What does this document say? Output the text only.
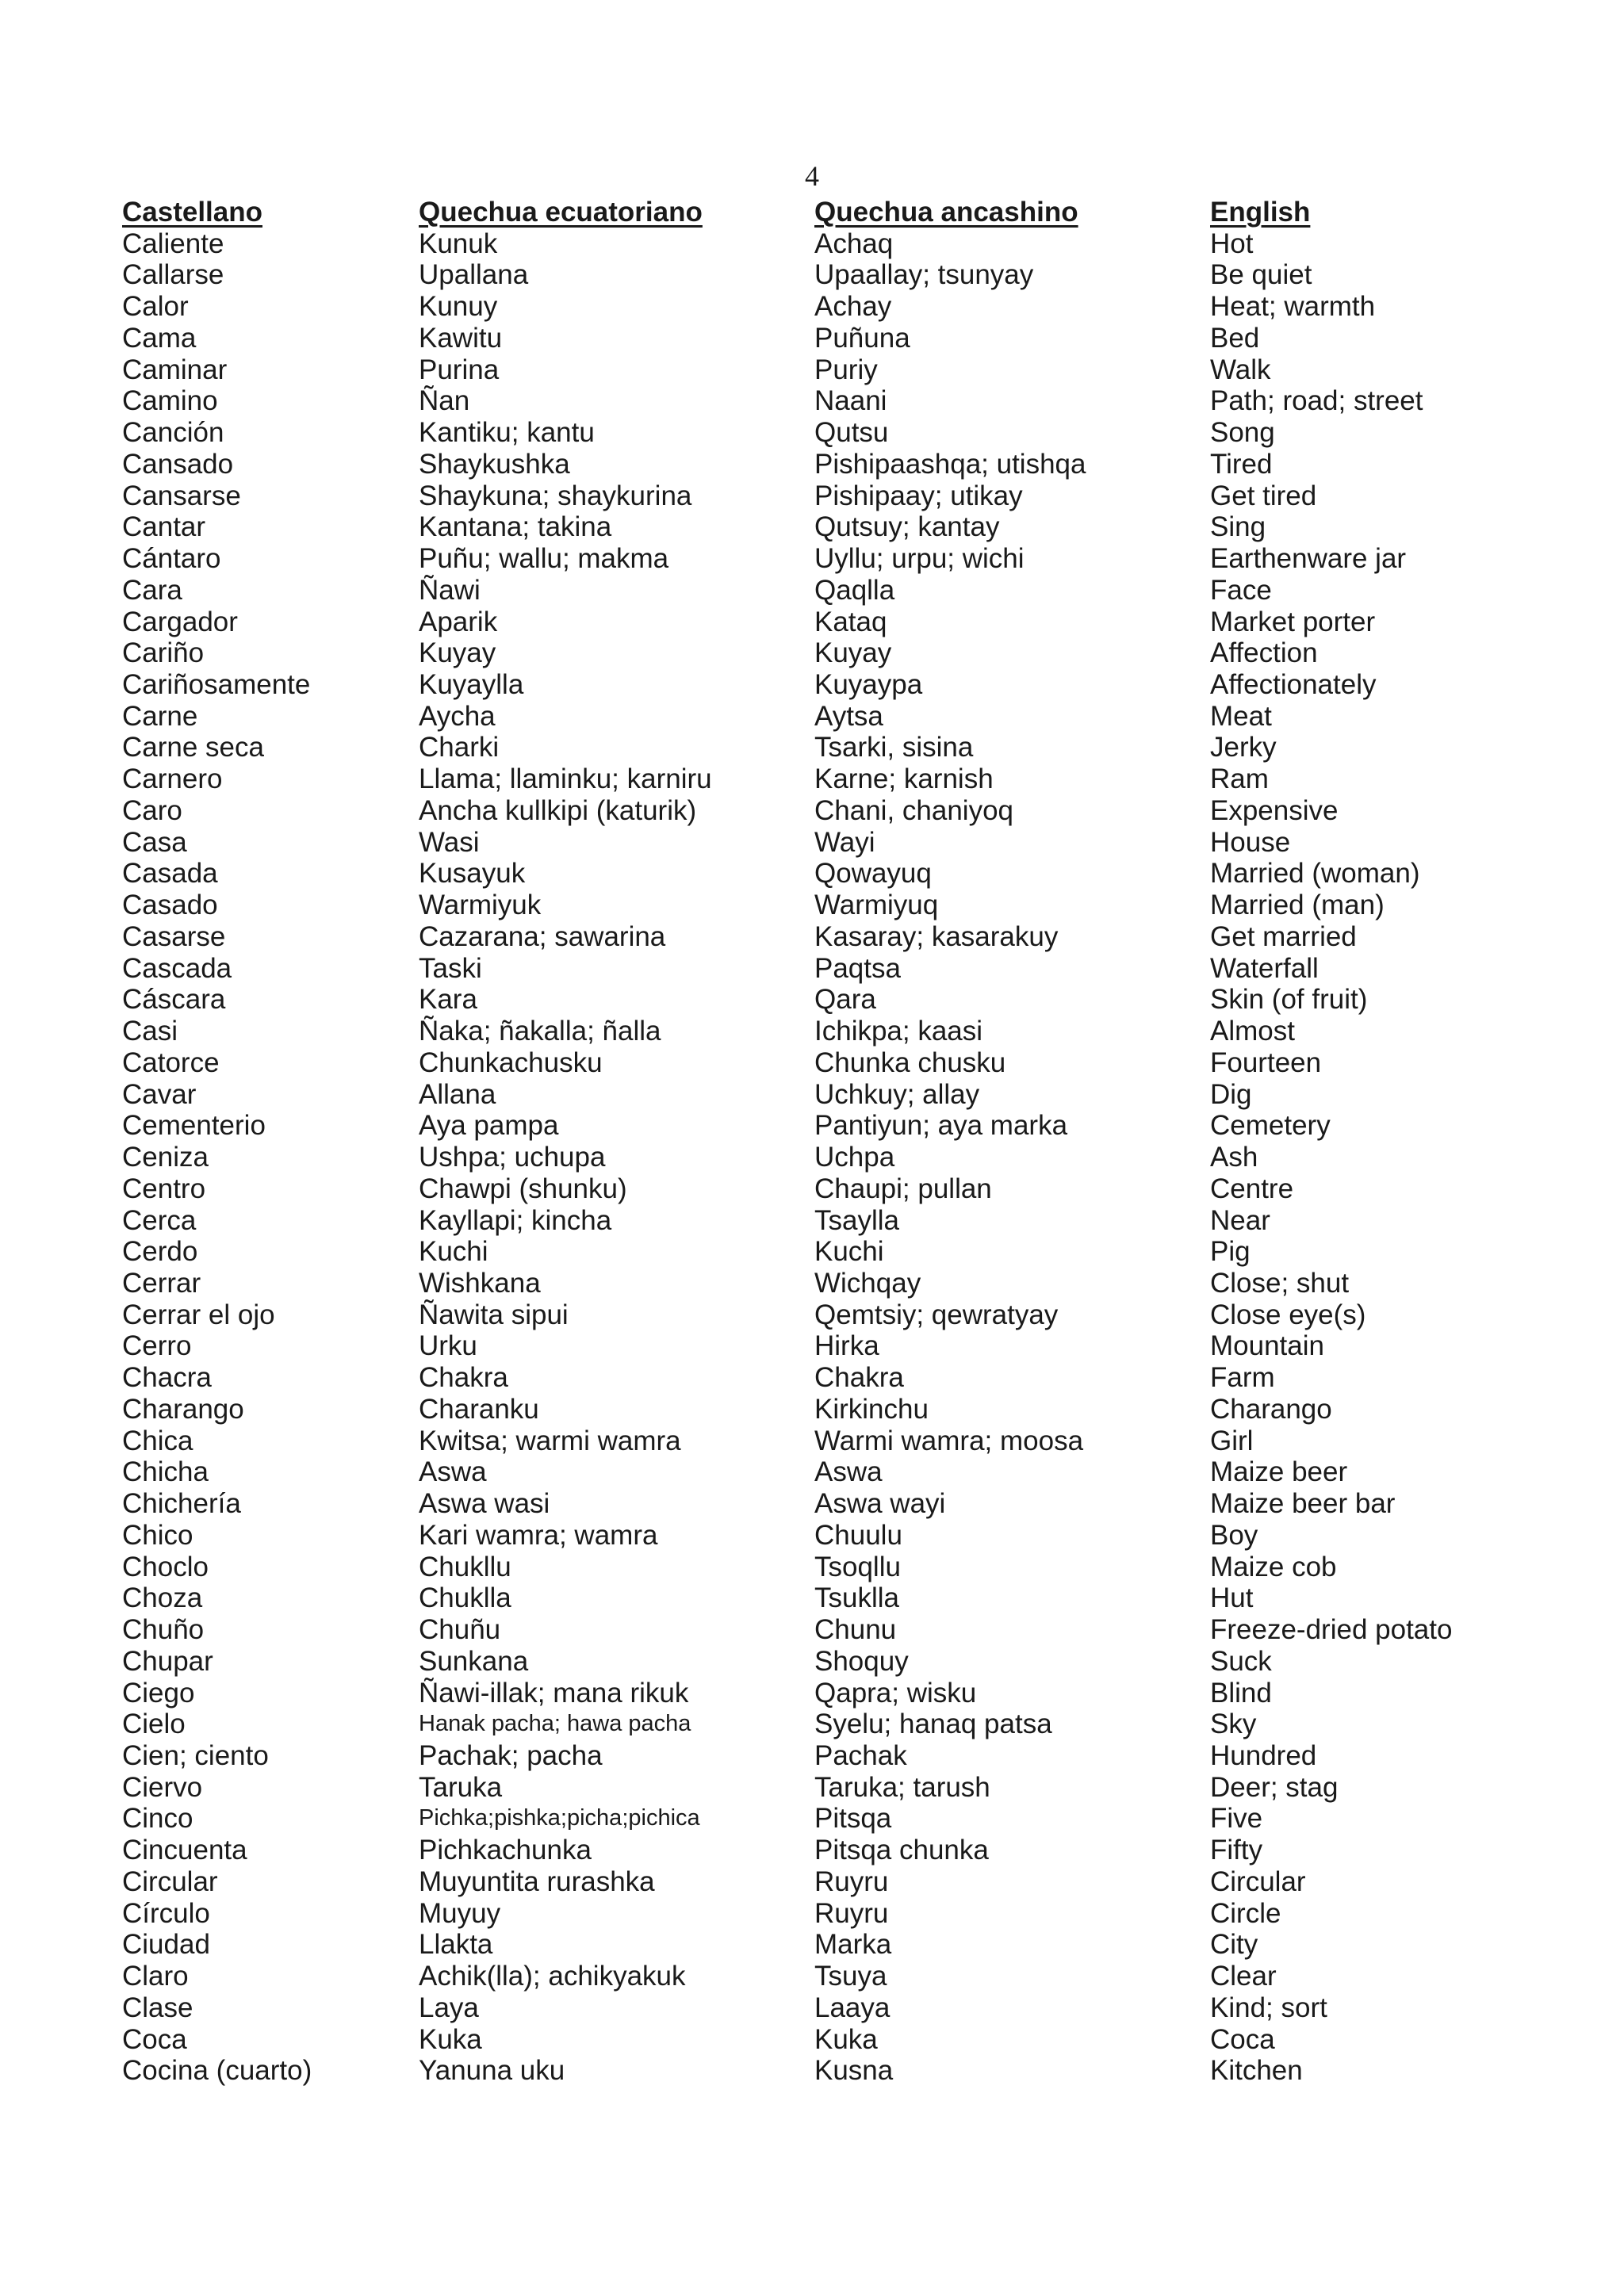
4
Castellano	Quechua ecuatoriano	Quechua ancashino	English
Caliente	Kunuk	Achaq	Hot
Callarse	Upallana	Upaallay; tsunyay	Be quiet
Calor	Kunuy	Achay	Heat; warmth
Cama	Kawitu	Puñuna	Bed
Caminar	Purina	Puriy	Walk
Camino	Ñan	Naani	Path; road; street
Canción	Kantiku; kantu	Qutsu	Song
Cansado	Shaykushka	Pishipaashqa; utishqa	Tired
Cansarse	Shaykuna; shaykurina	Pishipaay; utikay	Get tired
Cantar	Kantana; takina	Qutsuy; kantay	Sing
Cántaro	Puñu; wallu; makma	Uyllu; urpu; wichi	Earthenware jar
Cara	Ñawi	Qaqlla	Face
Cargador	Aparik	Kataq	Market porter
Cariño	Kuyay	Kuyay	Affection
Cariñosamente	Kuyaylla	Kuyaypa	Affectionately
Carne	Aycha	Aytsa	Meat
Carne seca	Charki	Tsarki, sisina	Jerky
Carnero	Llama; llaminku; karniru	Karne; karnish	Ram
Caro	Ancha kullkipi (katurik)	Chani, chaniyoq	Expensive
Casa	Wasi	Wayi	House
Casada	Kusayuk	Qowayuq	Married (woman)
Casado	Warmiyuk	Warmiyuq	Married (man)
Casarse	Cazarana; sawarina	Kasaray; kasarakuy	Get married
Cascada	Taski	Paqtsa	Waterfall
Cáscara	Kara	Qara	Skin (of fruit)
Casi	Ñaka; ñakalla; ñalla	Ichikpa; kaasi	Almost
Catorce	Chunkachusku	Chunka chusku	Fourteen
Cavar	Allana	Uchkuy; allay	Dig
Cementerio	Aya pampa	Pantiyun; aya marka	Cemetery
Ceniza	Ushpa; uchupa	Uchpa	Ash
Centro	Chawpi (shunku)	Chaupi; pullan	Centre
Cerca	Kayllapi; kincha	Tsaylla	Near
Cerdo	Kuchi	Kuchi	Pig
Cerrar	Wishkana	Wichqay	Close; shut
Cerrar el ojo	Ñawita sipui	Qemtsiy; qewratyay	Close eye(s)
Cerro	Urku	Hirka	Mountain
Chacra	Chakra	Chakra	Farm
Charango	Charanku	Kirkinchu	Charango
Chica	Kwitsa; warmi wamra	Warmi wamra; moosa	Girl
Chicha	Aswa	Aswa	Maize beer
Chichería	Aswa wasi	Aswa wayi	Maize beer bar
Chico	Kari wamra; wamra	Chuulu	Boy
Choclo	Chukllu	Tsoqllu	Maize cob
Choza	Chuklla	Tsuklla	Hut
Chuño	Chuñu	Chunu	Freeze-dried potato
Chupar	Sunkana	Shoquy	Suck
Ciego	Ñawi-illak; mana rikuk	Qapra; wisku	Blind
Cielo	Hanak pacha; hawa pacha	Syelu; hanaq patsa	Sky
Cien; ciento	Pachak; pacha	Pachak	Hundred
Ciervo	Taruka	Taruka; tarush	Deer; stag
Cinco	Pichka;pishka;picha;pichica	Pitsqa	Five
Cincuenta	Pichkachunka	Pitsqa chunka	Fifty
Circular	Muyuntita rurashka	Ruyru	Circular
Círculo	Muyuy	Ruyru	Circle
Ciudad	Llakta	Marka	City
Claro	Achik(lla); achikyakuk	Tsuya	Clear
Clase	Laya	Laaya	Kind; sort
Coca	Kuka	Kuka	Coca
Cocina (cuarto)	Yanuna uku	Kusna	Kitchen
